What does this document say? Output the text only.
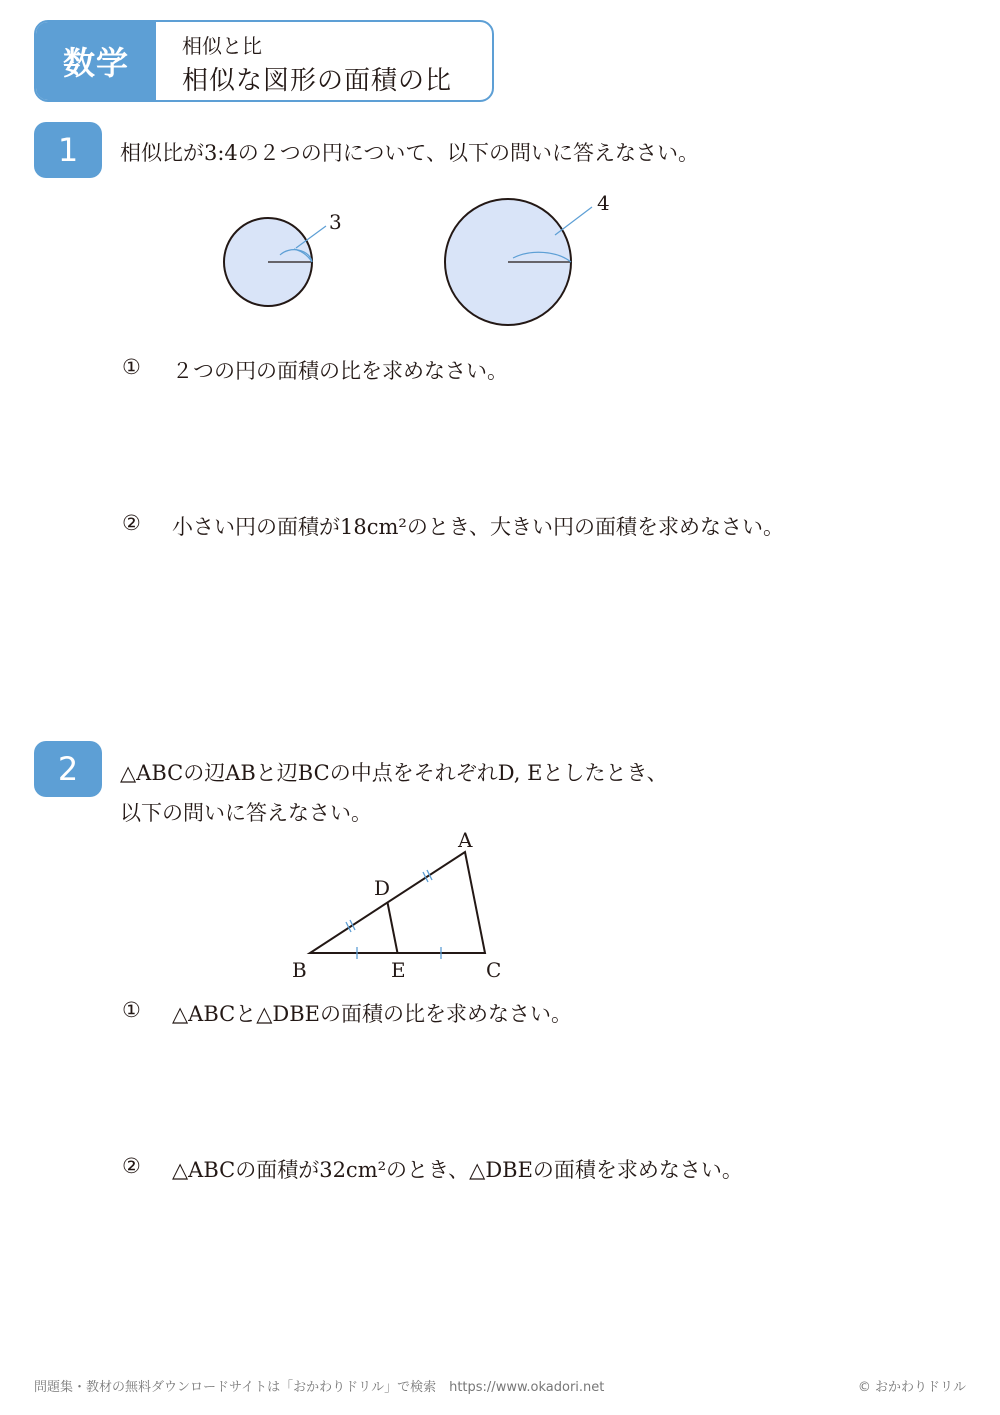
数学	相似と比
相似な図形の面積の比
1	相似比が3:4の２つの円について、以下の問いに答えなさい。
3
4
① ２つの円の面積の比を求めなさい。
② 小さい円の面積が18cm²のとき、大きい円の面積を求めなさい。
2	△ABCの辺ABと辺BCの中点をそれぞれD, Eとしたとき、
以下の問いに答えなさい。
A
B	C
D
E
① △ABCと△DBEの面積の比を求めなさい。
② △ABCの面積が32cm²のとき、△DBEの面積を求めなさい。
問題集・教材の無料ダウンロードサイトは「おかわりドリル」で検索　https://www.okadori.net	© おかわりドリル
